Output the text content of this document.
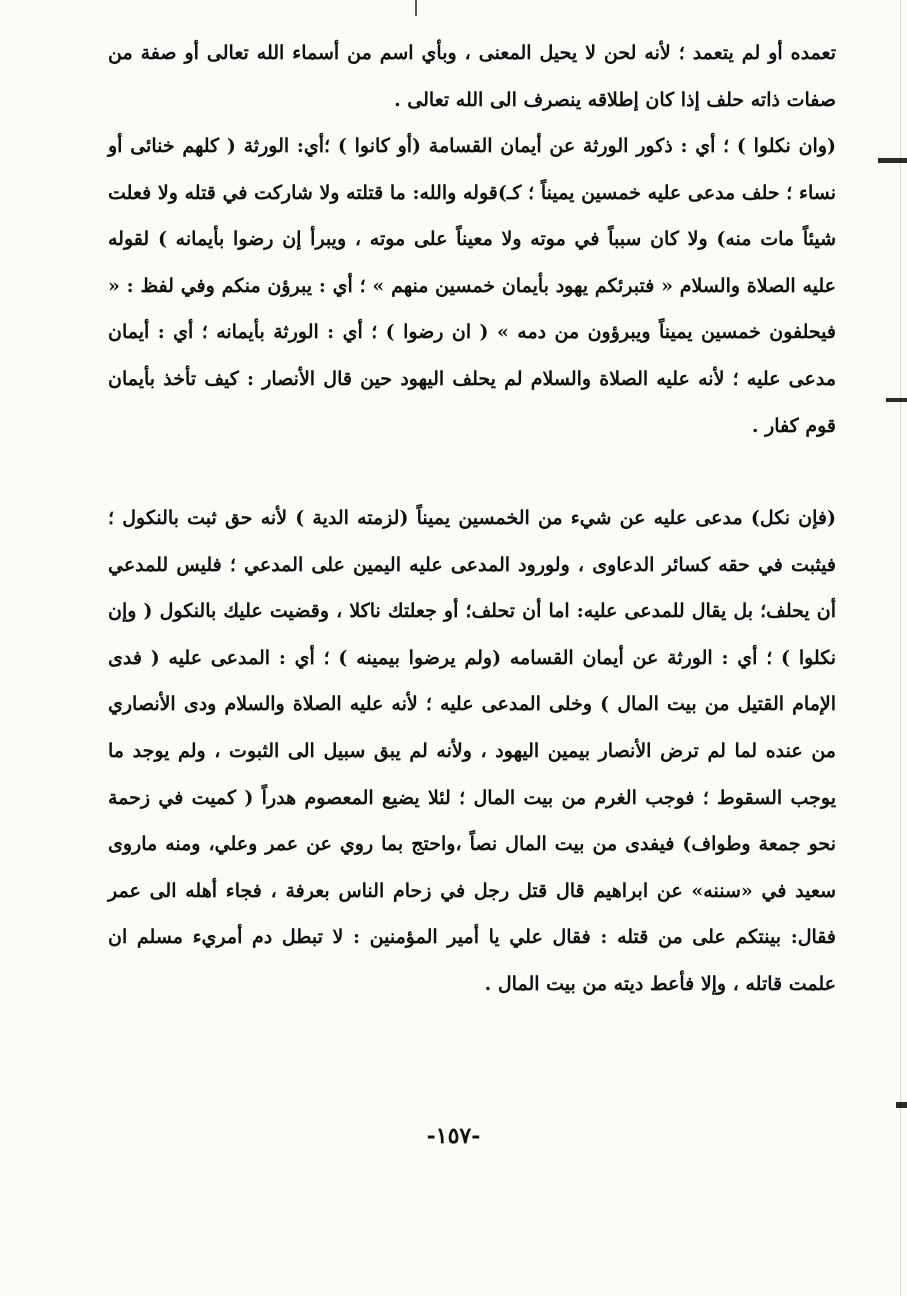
تعمده أو لم يتعمد ؛ لأنه لحن لا يحيل المعنى ، وبأي اسم من أسماء الله تعالى أو صفة من صفات ذاته حلف إذا كان إطلاقه ينصرف الى الله تعالى .

(وان نكلوا ) ؛ أي : ذكور الورثة عن أيمان القسامة (أو كانوا ) ؛أي: الورثة ( كلهم خنائى أو نساء ؛ حلف مدعى عليه خمسين يميناً ؛ كـ)قوله والله: ما قتلته ولا شاركت في قتله ولا فعلت شيئاً مات منه) ولا كان سبباً في موته ولا معيناً على موته ، ويبرأ إن رضوا بأيمانه ) لقوله عليه الصلاة والسلام « فتبرئكم يهود بأيمان خمسين منهم » ؛ أي : يبرؤن منكم وفي لفظ : « فيحلفون خمسين يميناً ويبرؤون من دمه » ( ان رضوا ) ؛ أي : الورثة بأيمانه ؛ أي : أيمان مدعى عليه ؛ لأنه عليه الصلاة والسلام لم يحلف اليهود حين قال الأنصار : كيف تأخذ بأيمان قوم كفار .

(فإن نكل) مدعى عليه عن شيء من الخمسين يميناً (لزمته الدية ) لأنه حق ثبت بالنكول ؛ فيثبت في حقه كسائر الدعاوى ، ولورود المدعى عليه اليمين على المدعي ؛ فليس للمدعي أن يحلف؛ بل يقال للمدعى عليه: اما أن تحلف؛ أو جعلتك ناكلا ، وقضيت عليك بالنكول ( وإن نكلوا ) ؛ أي : الورثة عن أيمان القسامه (ولم يرضوا بيمينه ) ؛ أي : المدعى عليه ( فدى الإمام القتيل من بيت المال ) وخلى المدعى عليه ؛ لأنه عليه الصلاة والسلام ودى الأنصاري من عنده لما لم ترض الأنصار بيمين اليهود ، ولأنه لم يبق سبيل الى الثبوت ، ولم يوجد ما يوجب السقوط ؛ فوجب الغرم من بيت المال ؛ لئلا يضيع المعصوم هدراً ( كميت في زحمة نحو جمعة وطواف) فيفدى من بيت المال نصاً ،واحتج بما روي عن عمر وعلي، ومنه ماروى سعيد في «سننه» عن ابراهيم قال قتل رجل في زحام الناس بعرفة ، فجاء أهله الى عمر فقال: بينتكم على من قتله : فقال علي يا أمير المؤمنين : لا تبطل دم أمريء مسلم ان علمت قاتله ، وإلا فأعط ديته من بيت المال .

-١٥٧-
